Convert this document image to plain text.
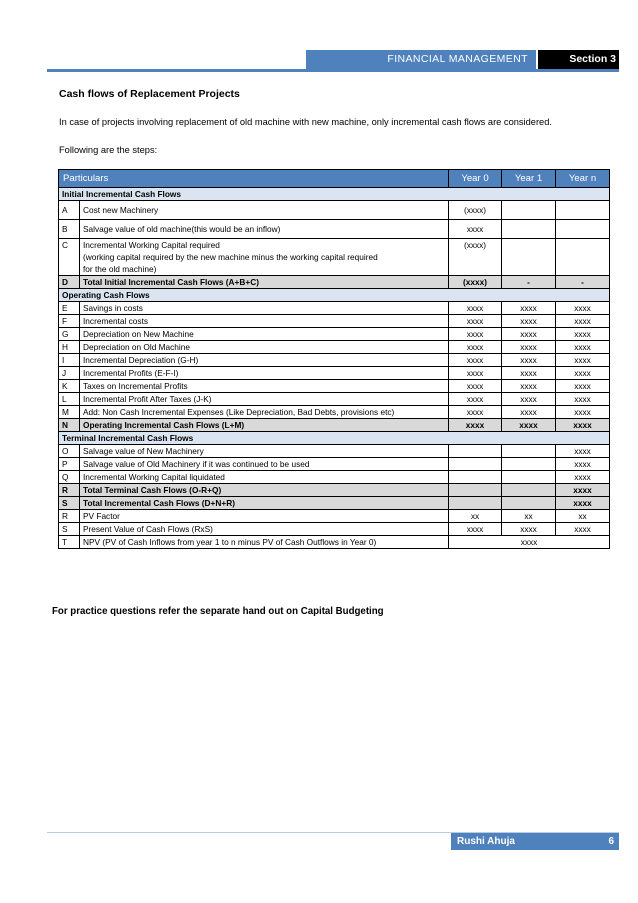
FINANCIAL MANAGEMENT	Section 3
Cash flows of Replacement Projects
In case of projects involving replacement of old machine with new machine, only incremental cash flows are considered.
Following are the steps:
Particulars		Year 0	Year 1	Year n
Initial Incremental Cash Flows				
A	Cost new Machinery	(xxxx)		
B	Salvage value of old machine(this would be an inflow)	xxxx		
C	Incremental Working Capital required
(working capital required by the new machine minus the working capital required
for the old machine)	(xxxx)		
D	Total Initial Incremental Cash Flows (A+B+C)	(xxxx)	-	-
Operating Cash Flows				
E	Savings in costs	xxxx	xxxx	xxxx
F	Incremental costs	xxxx	xxxx	xxxx
G	Depreciation on New Machine	xxxx	xxxx	xxxx
H	Depreciation on Old Machine	xxxx	xxxx	xxxx
I	Incremental Depreciation (G-H)	xxxx	xxxx	xxxx
J	Incremental Profits (E-F-I)	xxxx	xxxx	xxxx
K	Taxes on Incremental Profits	xxxx	xxxx	xxxx
L	Incremental Profit After Taxes (J-K)	xxxx	xxxx	xxxx
M	Add: Non Cash Incremental Expenses (Like Depreciation, Bad Debts, provisions etc)	xxxx	xxxx	xxxx
N	Operating Incremental Cash Flows (L+M)	xxxx	xxxx	xxxx
Terminal Incremental Cash Flows				
O	Salvage value of New Machinery			xxxx
P	Salvage value of Old Machinery if it was continued to be used			xxxx
Q	Incremental Working Capital liquidated			xxxx
R	Total Terminal Cash Flows (O-R+Q)			xxxx
S	Total Incremental Cash Flows (D+N+R)			xxxx
R	PV Factor	xx	xx	xx
S	Present Value of Cash Flows (RxS)	xxxx	xxxx	xxxx
T	NPV (PV of Cash Inflows from year 1 to n minus PV of Cash Outflows in Year 0)	xxxx		
For practice questions refer the separate hand out on Capital Budgeting
Rushi Ahuja	6
